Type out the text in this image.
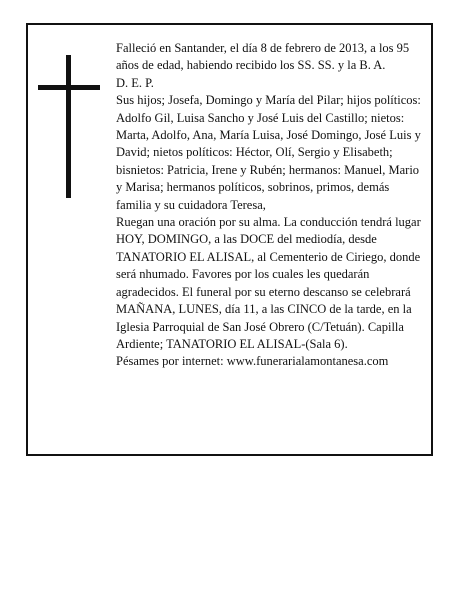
Falleció en Santander, el día 8 de febrero de 2013, a los 95 años de edad, habiendo recibido los SS. SS. y la B. A.

D. E. P.

Sus hijos; Josefa, Domingo y María del Pilar; hijos políticos: Adolfo Gil, Luisa Sancho y José Luis del Castillo; nietos: Marta, Adolfo, Ana, María Luisa, José Domingo, José Luis y David; nietos políticos: Héctor, Olí, Sergio y Elisabeth; bisnietos: Patricia, Irene y Rubén; hermanos: Manuel, Mario y Marisa; hermanos políticos, sobrinos, primos, demás familia y su cuidadora Teresa,

Ruegan una oración por su alma. La conducción tendrá lugar HOY, DOMINGO, a las DOCE del mediodía, desde TANATORIO EL ALISAL, al Cementerio de Ciriego, donde será nhumado. Favores por los cuales les quedarán agradecidos. El funeral por su eterno descanso se celebrará MAÑANA, LUNES, día 11, a las CINCO de la tarde, en la Iglesia Parroquial de San José Obrero (C/Tetuán). Capilla Ardiente; TANATORIO EL ALISAL-(Sala 6).

Pésames por internet: www.funerarialamontanesa.com
